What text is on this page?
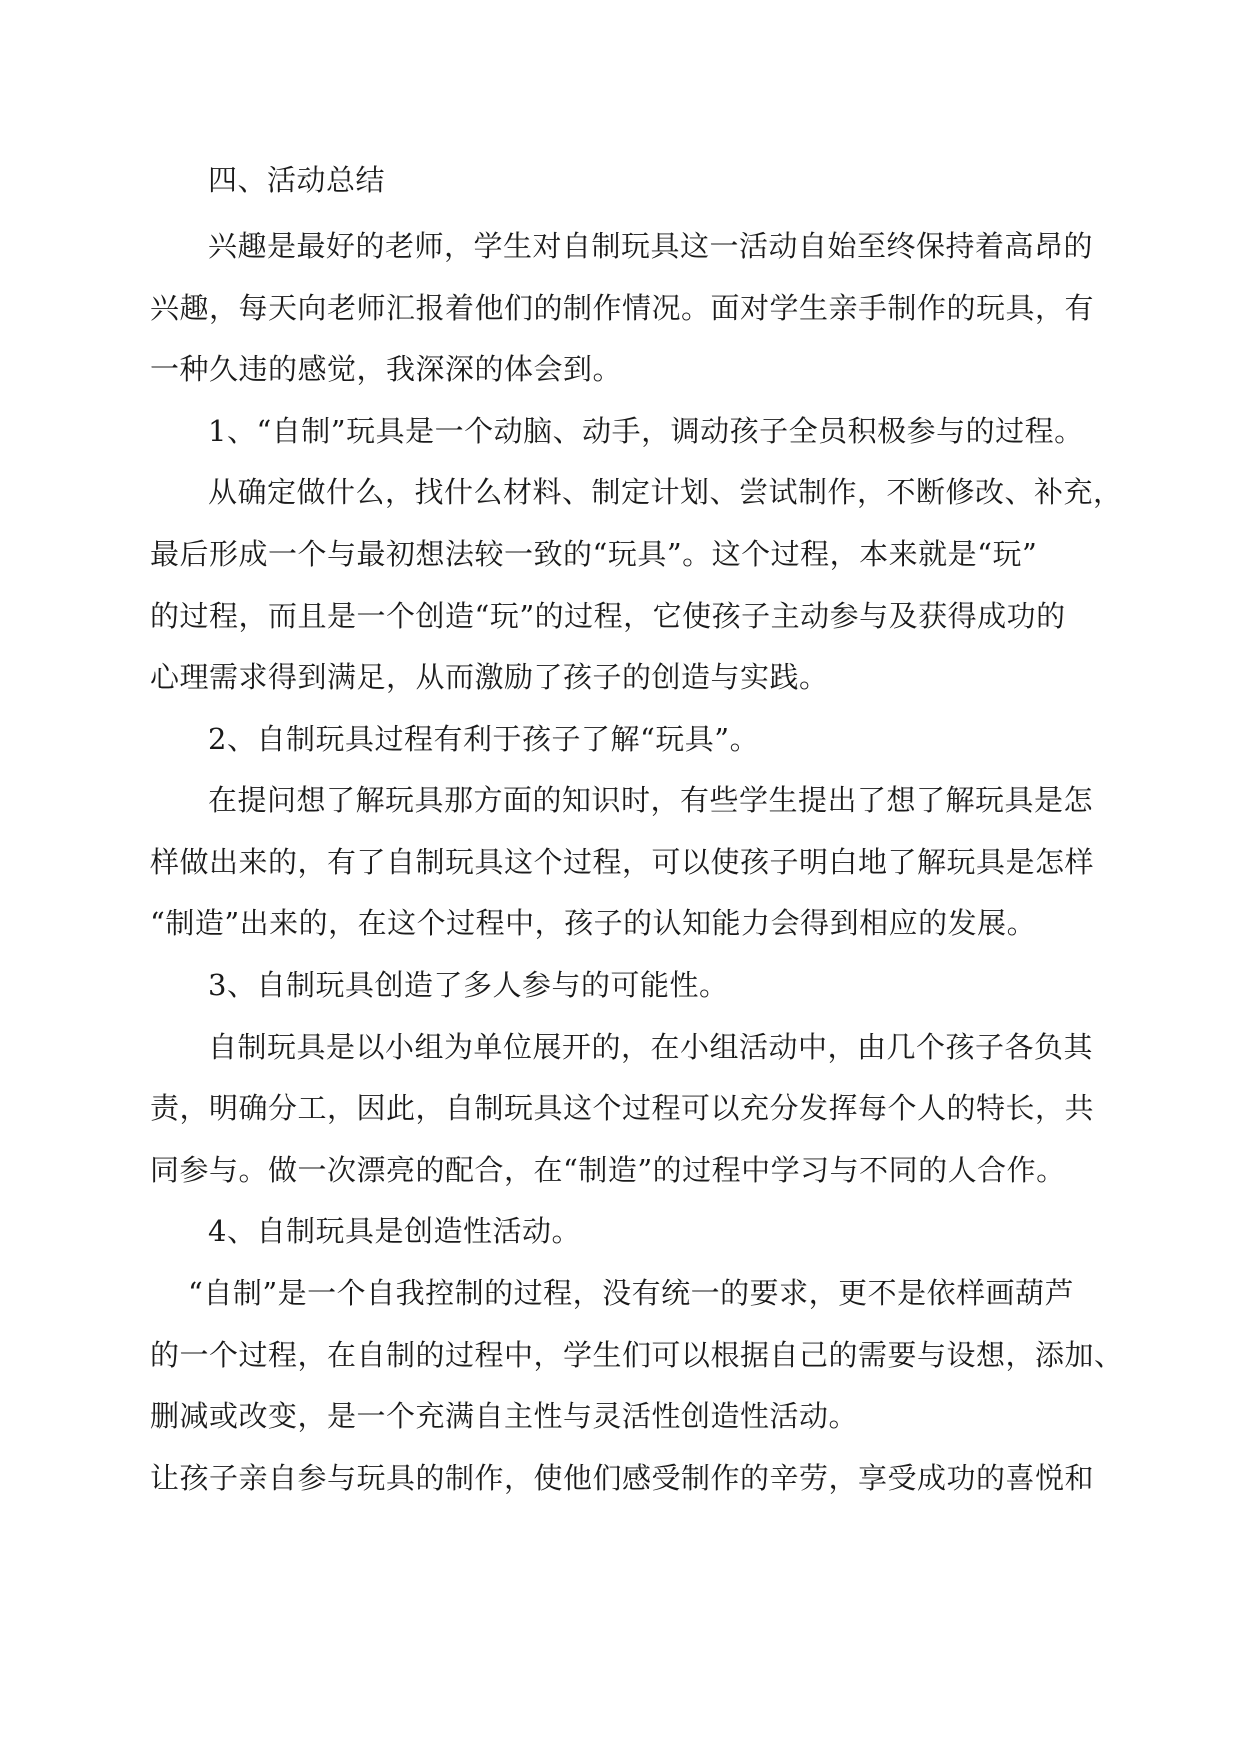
四、活动总结
兴趣是最好的老师，学生对自制玩具这一活动自始至终保持着高昂的
兴趣，每天向老师汇报着他们的制作情况。面对学生亲手制作的玩具，有
一种久违的感觉，我深深的体会到。
1、“自制”玩具是一个动脑、动手，调动孩子全员积极参与的过程。
从确定做什么，找什么材料、制定计划、尝试制作，不断修改、补充，
最后形成一个与最初想法较一致的“玩具”。这个过程，本来就是“玩”
的过程，而且是一个创造“玩”的过程，它使孩子主动参与及获得成功的
心理需求得到满足，从而激励了孩子的创造与实践。
2、自制玩具过程有利于孩子了解“玩具”。
在提问想了解玩具那方面的知识时，有些学生提出了想了解玩具是怎
样做出来的，有了自制玩具这个过程，可以使孩子明白地了解玩具是怎样
“制造”出来的，在这个过程中，孩子的认知能力会得到相应的发展。
3、自制玩具创造了多人参与的可能性。
自制玩具是以小组为单位展开的，在小组活动中，由几个孩子各负其
责，明确分工，因此，自制玩具这个过程可以充分发挥每个人的特长，共
同参与。做一次漂亮的配合，在“制造”的过程中学习与不同的人合作。
4、自制玩具是创造性活动。
“自制”是一个自我控制的过程，没有统一的要求，更不是依样画葫芦
的一个过程，在自制的过程中，学生们可以根据自己的需要与设想，添加、
删减或改变，是一个充满自主性与灵活性创造性活动。
让孩子亲自参与玩具的制作，使他们感受制作的辛劳，享受成功的喜悦和
